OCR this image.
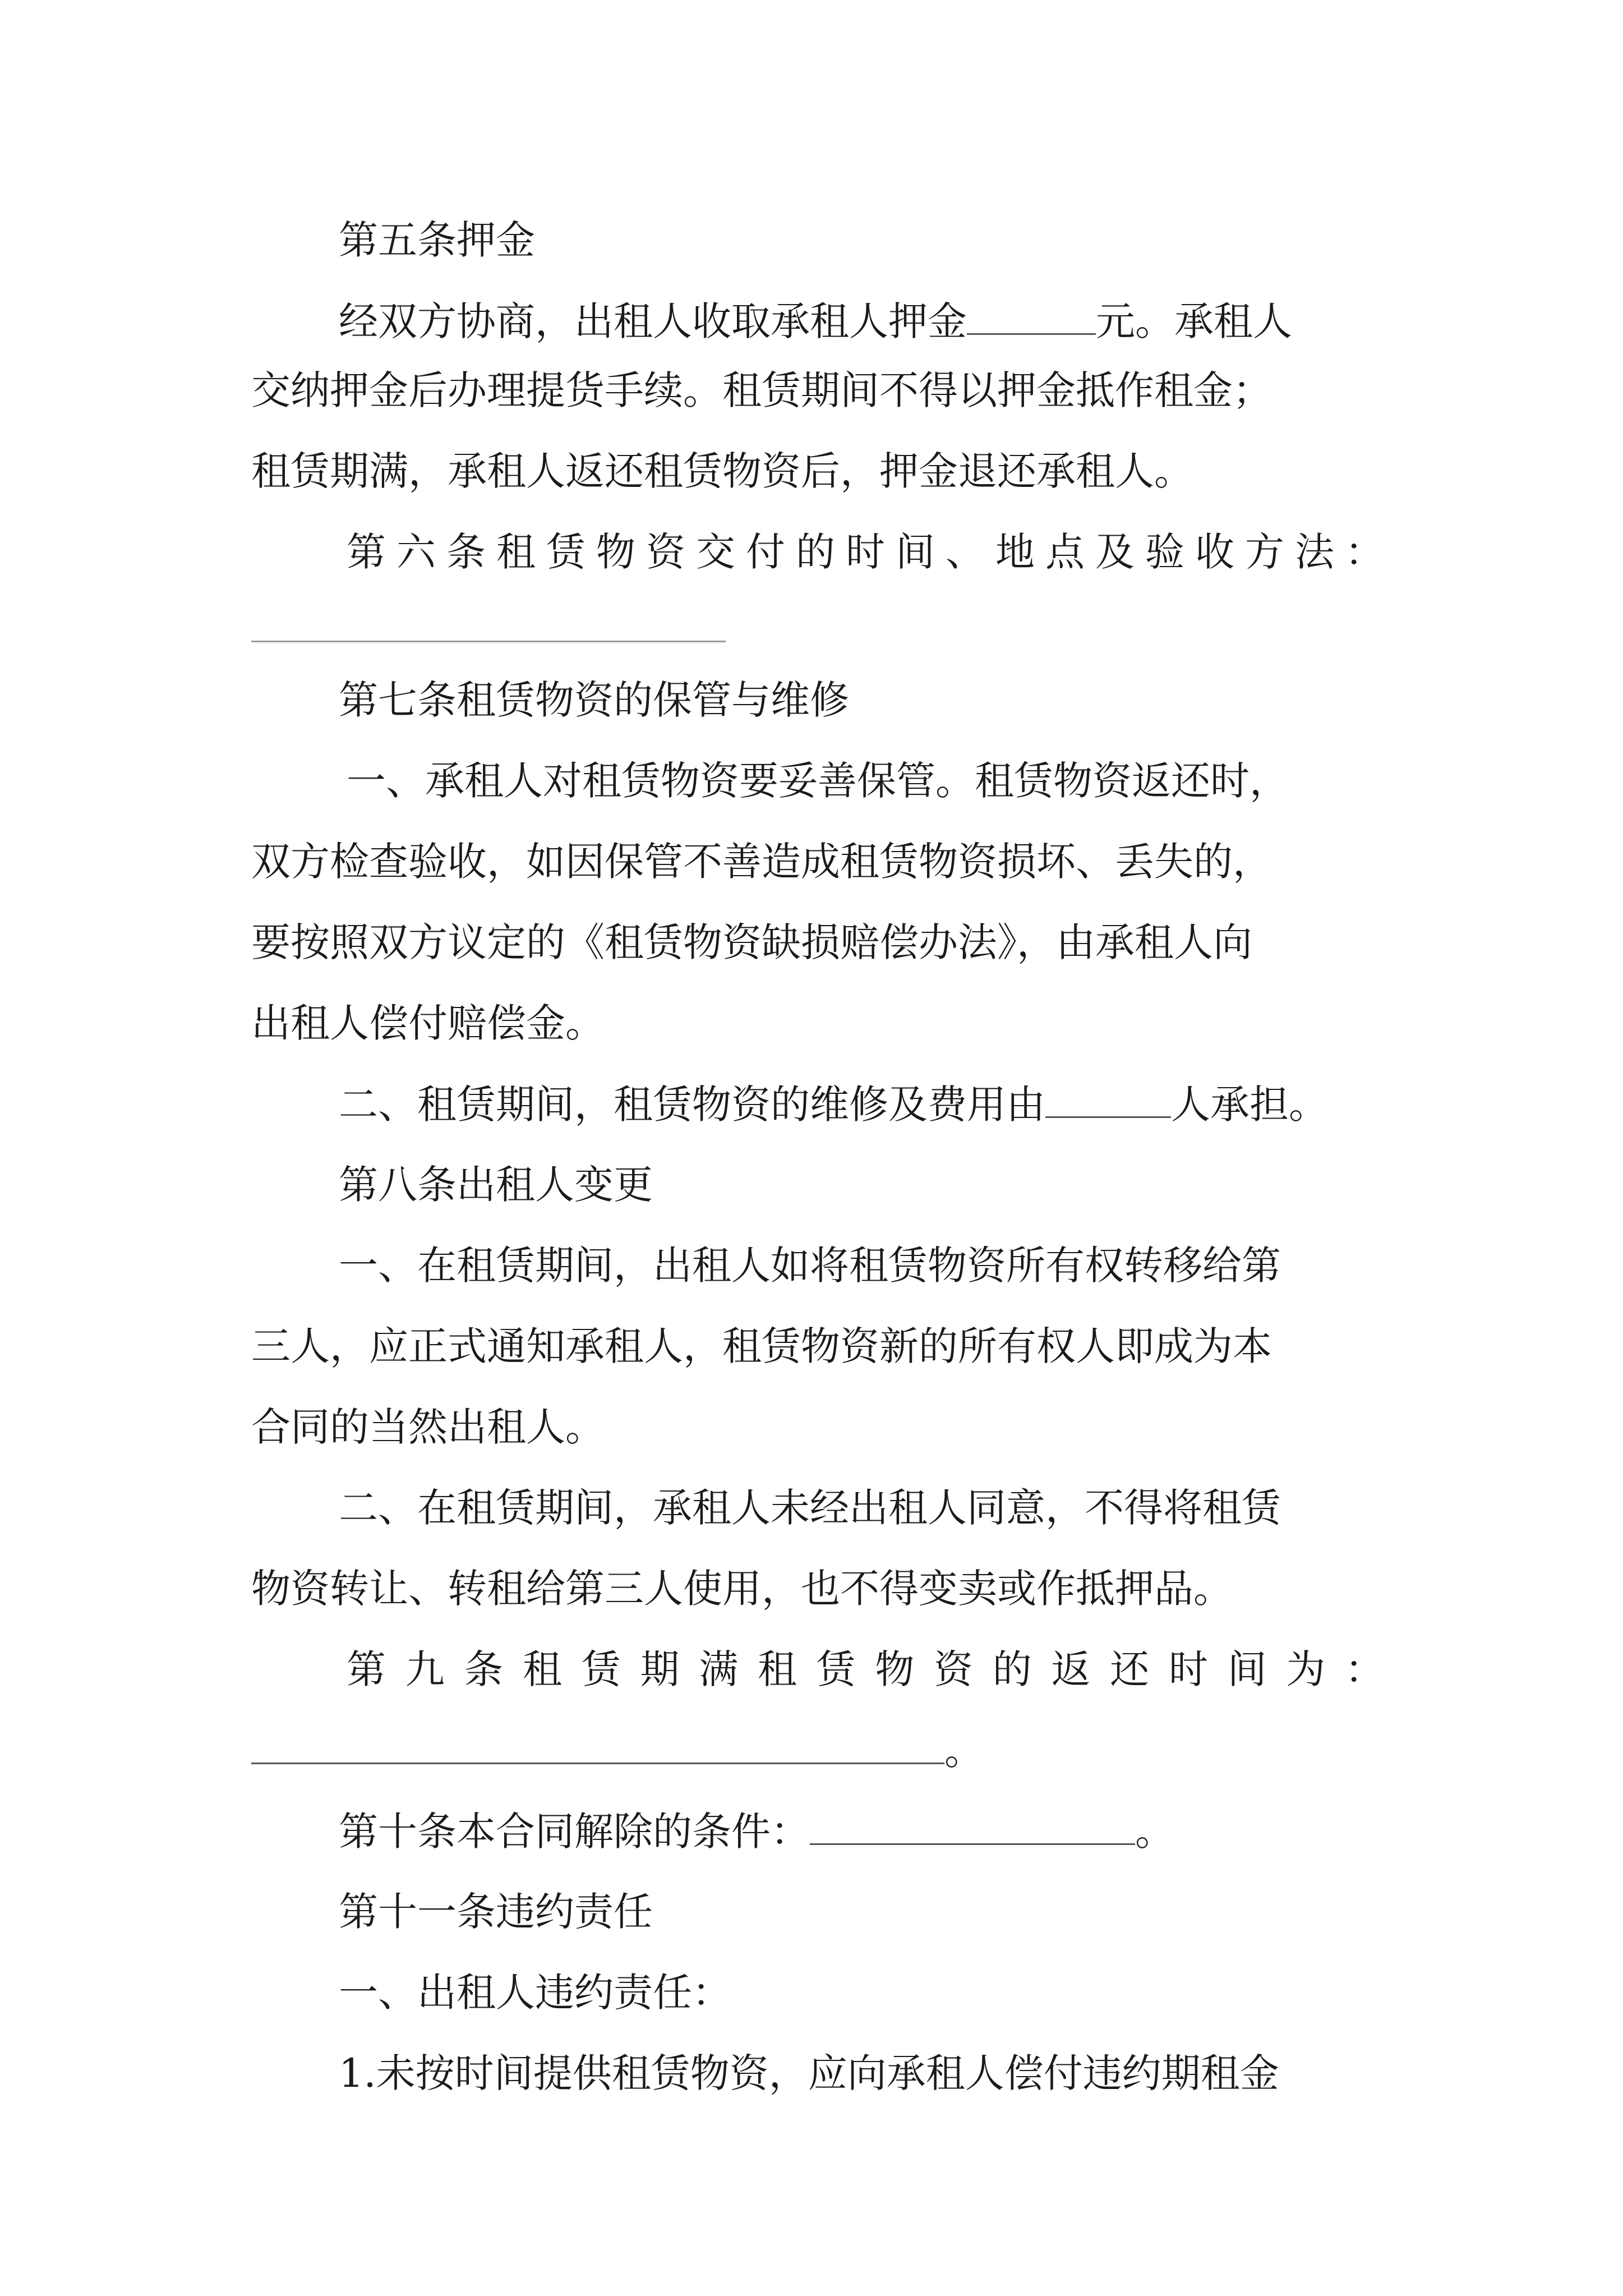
第五条押金

经双方协商，出租人收取承租人押金	元。承租人

交纳押金后办理提货手续。租赁期间不得以押金抵作租金；

租赁期满，承租人返还租赁物资后，押金退还承租人。

第六条租赁物资交付的时间、地点及验收方法：

第七条租赁物资的保管与维修

一、承租人对租赁物资要妥善保管。租赁物资返还时，

双方检查验收，如因保管不善造成租赁物资损坏、丢失的，

要按照双方议定的《租赁物资缺损赔偿办法》，由承租人向

出租人偿付赔偿金。

二、租赁期间，租赁物资的维修及费用由	人承担。

第八条出租人变更

一、在租赁期间，出租人如将租赁物资所有权转移给第

三人，应正式通知承租人，租赁物资新的所有权人即成为本

合同的当然出租人。

二、在租赁期间，承租人未经出租人同意，不得将租赁

物资转让、转租给第三人使用，也不得变卖或作抵押品。

第九条租赁期满租赁物资的返还时间为：

。

第十条本合同解除的条件：	。

第十一条违约责任

一、出租人违约责任：

1.未按时间提供租赁物资，应向承租人偿付违约期租金
